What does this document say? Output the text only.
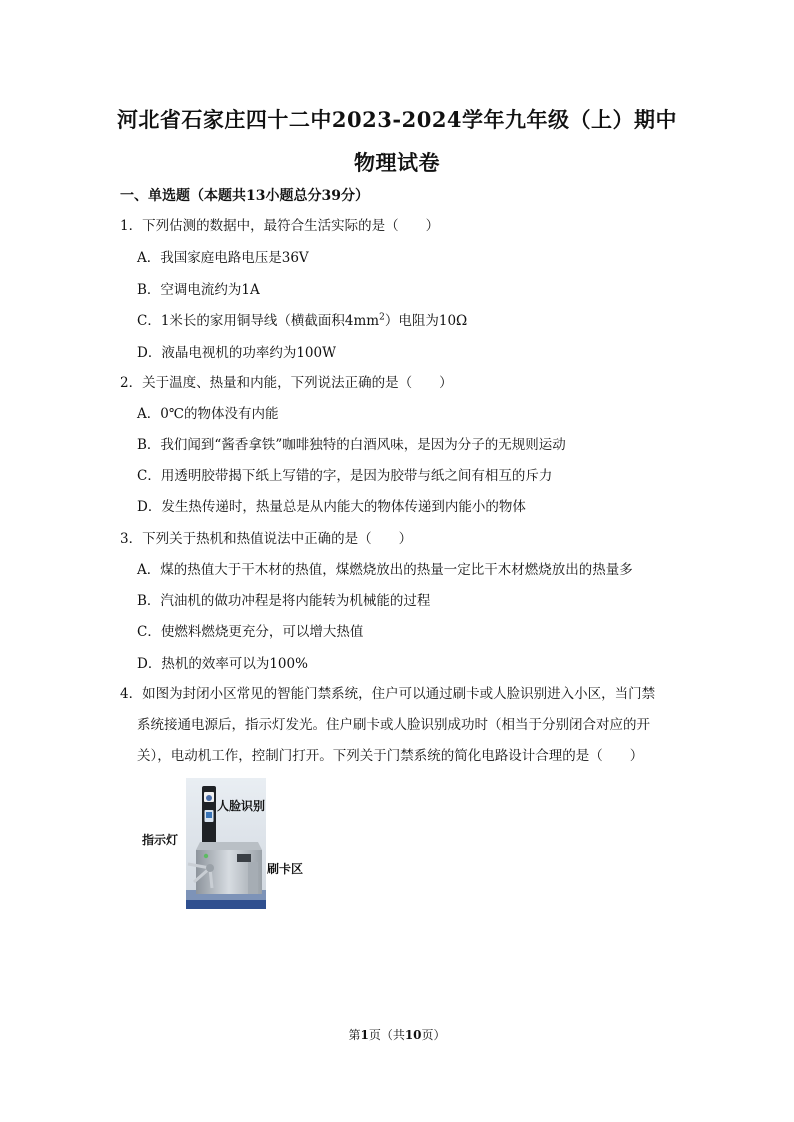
河北省石家庄四十二中2023-2024学年九年级（上）期中
物理试卷
一、单选题（本题共13小题总分39分）
1．下列估测的数据中，最符合生活实际的是（　　）
A．我国家庭电路电压是36V
B．空调电流约为1A
C．1米长的家用铜导线（横截面积$4mm^2$）电阻为10Ω
D．液晶电视机的功率约为100W
2．关于温度、热量和内能，下列说法正确的是（　　）
A．0℃的物体没有内能
B．我们闻到“酱香拿铁”咖啡独特的白酒风味，是因为分子的无规则运动
C．用透明胶带揭下纸上写错的字，是因为胶带与纸之间有相互的斥力
D．发生热传递时，热量总是从内能大的物体传递到内能小的物体
3．下列关于热机和热值说法中正确的是（　　）
A．煤的热值大于干木材的热值，煤燃烧放出的热量一定比干木材燃烧放出的热量多
B．汽油机的做功冲程是将内能转为机械能的过程
C．使燃料燃烧更充分，可以增大热值
D．热机的效率可以为100%
4．如图为封闭小区常见的智能门禁系统，住户可以通过刷卡或人脸识别进入小区，当门禁
系统接通电源后，指示灯发光。住户刷卡或人脸识别成功时（相当于分别闭合对应的开
关），电动机工作，控制门打开。下列关于门禁系统的简化电路设计合理的是（　　）
人脸识别
指示灯
刷卡区
第1页（共10页）
